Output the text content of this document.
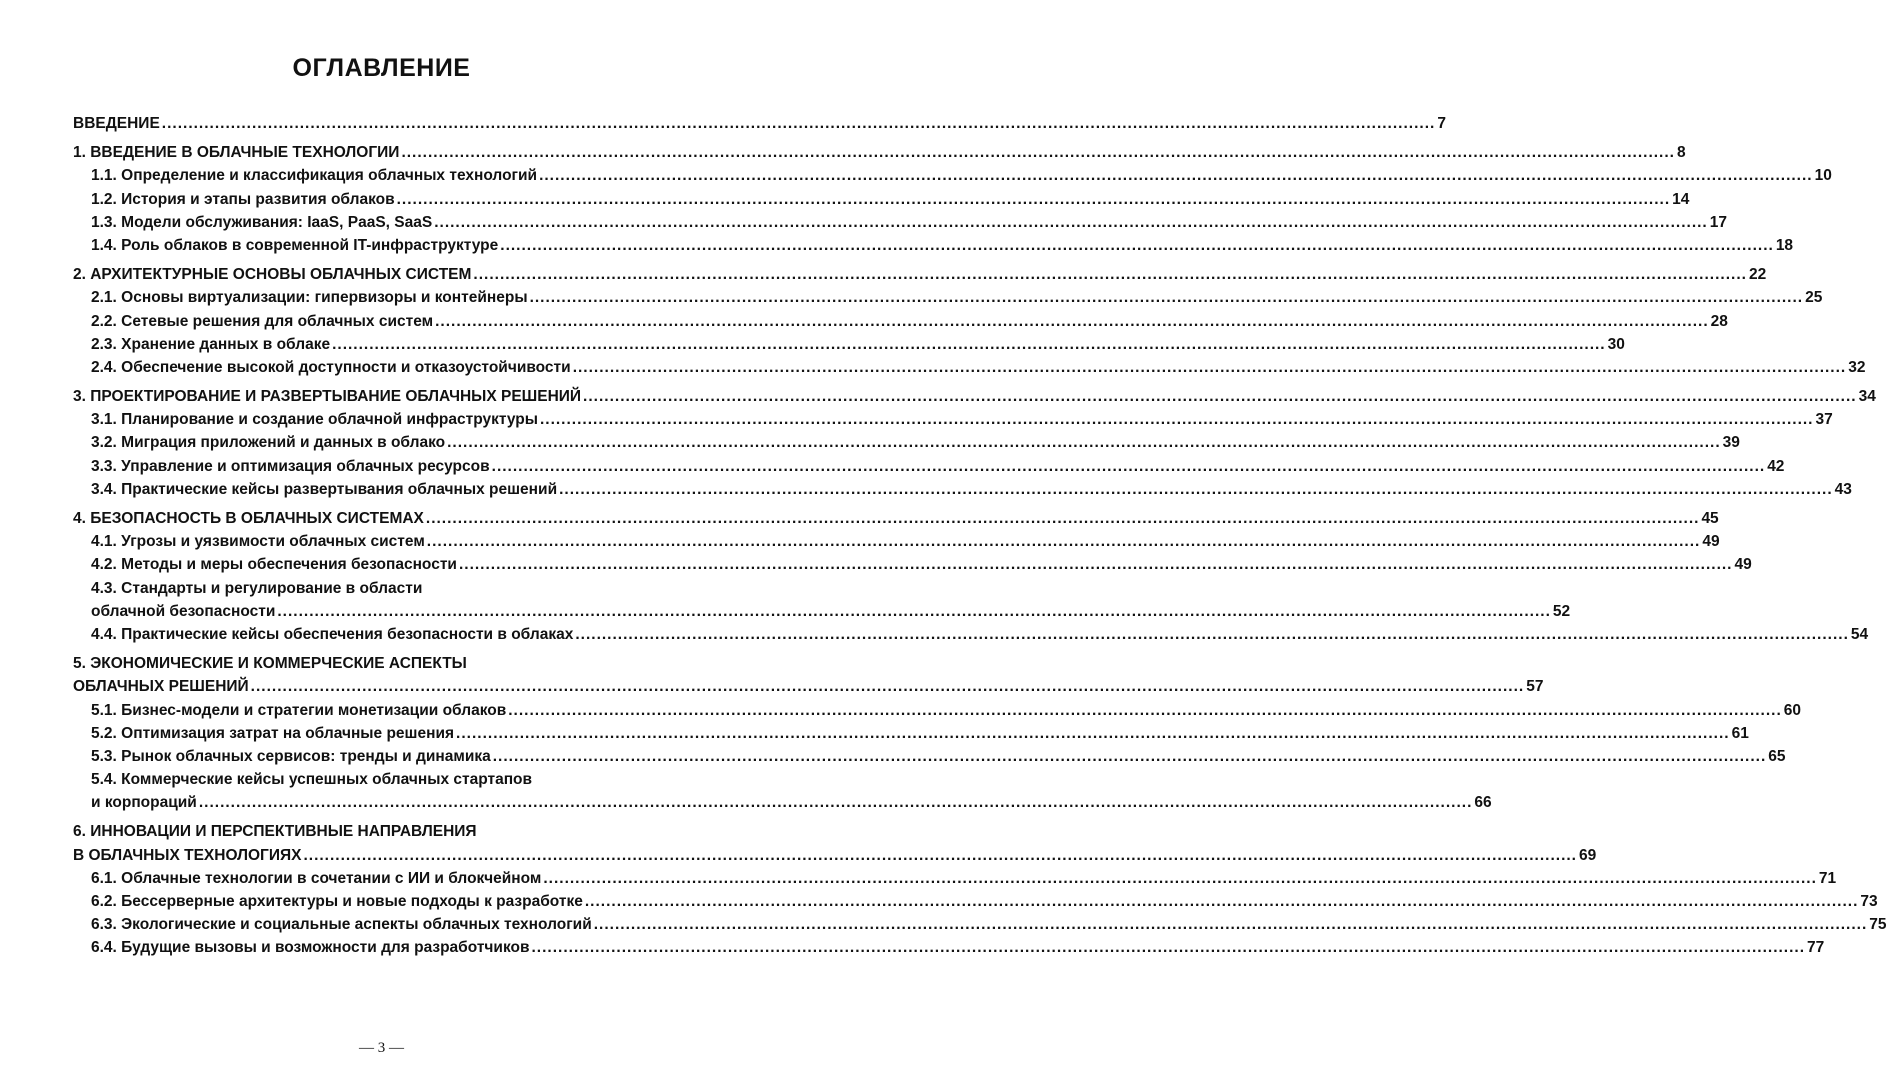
ОГЛАВЛЕНИЕ
ВВЕДЕНИЕ .....	7
1. ВВЕДЕНИЕ В ОБЛАЧНЫЕ ТЕХНОЛОГИИ .....	8
1.1. Определение и классификация облачных технологий .....	10
1.2. История и этапы развития облаков .....	14
1.3. Модели обслуживания: IaaS, PaaS, SaaS .....	17
1.4. Роль облаков в современной IT-инфраструктуре .....	18
2. АРХИТЕКТУРНЫЕ ОСНОВЫ ОБЛАЧНЫХ СИСТЕМ .....	22
2.1. Основы виртуализации: гипервизоры и контейнеры .....	25
2.2. Сетевые решения для облачных систем .....	28
2.3. Хранение данных в облаке .....	30
2.4. Обеспечение высокой доступности и отказоустойчивости .....	32
3. ПРОЕКТИРОВАНИЕ И РАЗВЕРТЫВАНИЕ ОБЛАЧНЫХ РЕШЕНИЙ .....	34
3.1. Планирование и создание облачной инфраструктуры .....	37
3.2. Миграция приложений и данных в облако .....	39
3.3. Управление и оптимизация облачных ресурсов .....	42
3.4. Практические кейсы развертывания облачных решений .....	43
4. БЕЗОПАСНОСТЬ В ОБЛАЧНЫХ СИСТЕМАХ .....	45
4.1. Угрозы и уязвимости облачных систем .....	49
4.2. Методы и меры обеспечения безопасности .....	49
4.3. Стандарты и регулирование в области
облачной безопасности .....	52
4.4. Практические кейсы обеспечения безопасности в облаках .....	54
5. ЭКОНОМИЧЕСКИЕ И КОММЕРЧЕСКИЕ АСПЕКТЫ
ОБЛАЧНЫХ РЕШЕНИЙ .....	57
5.1. Бизнес-модели и стратегии монетизации облаков .....	60
5.2. Оптимизация затрат на облачные решения .....	61
5.3. Рынок облачных сервисов: тренды и динамика .....	65
5.4. Коммерческие кейсы успешных облачных стартапов
и корпораций .....	66
6. ИННОВАЦИИ И ПЕРСПЕКТИВНЫЕ НАПРАВЛЕНИЯ
В ОБЛАЧНЫХ ТЕХНОЛОГИЯХ .....	69
6.1. Облачные технологии в сочетании с ИИ и блокчейном .....	71
6.2. Бессерверные архитектуры и новые подходы к разработке .....	73
6.3. Экологические и социальные аспекты облачных технологий .....	75
6.4. Будущие вызовы и возможности для разработчиков .....	77
— 3 —
